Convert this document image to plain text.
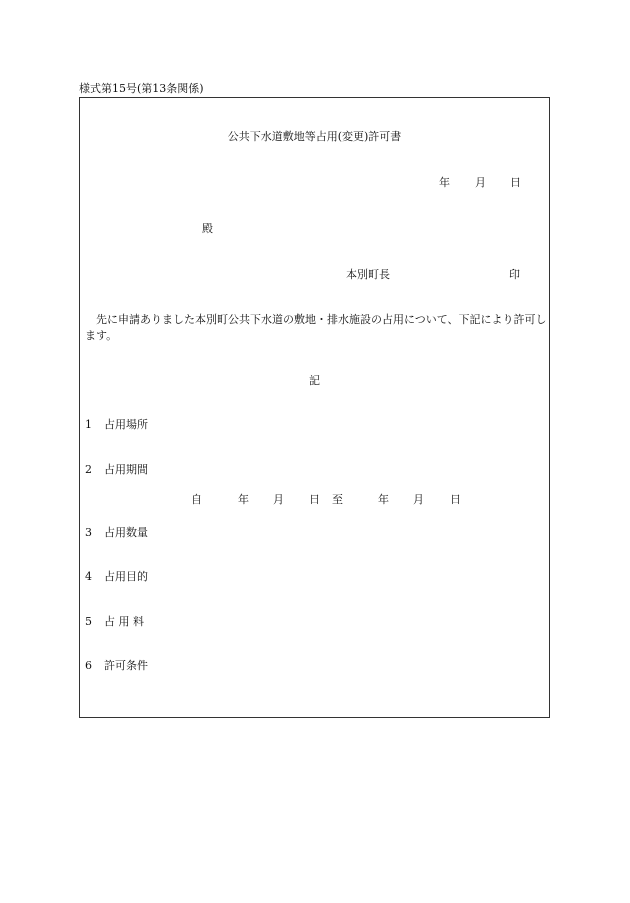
様式第15号(第13条関係)
公共下水道敷地等占用(変更)許可書
年 月 日
殿
本別町長	印
先に申請ありました本別町公共下水道の敷地・排水施設の占用について、下記により許可します。
記
1 占用場所
2 占用期間
自	年 月 日 至	年 月 日
3 占用数量
4 占用目的
5 占 用 料
6 許可条件
